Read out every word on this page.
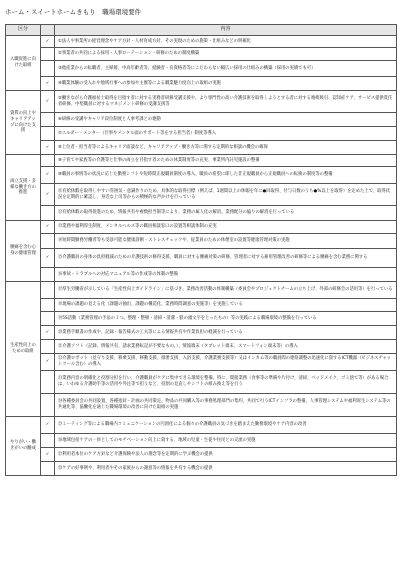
ホーム・スイートホームきもり　職場環境要件
区分		内容
入職促進に向けた取組	✓	①法人や事業所の経営理念やケア方針・人材育成方針、その実現のための施策・仕組みなどの明確化

		②事業者の共同による採用・人事ローテーション・研修のための制度構築

		③他産業からの転職者、主婦層、中高年齢者等、経験者・有資格者等にこだわらない幅広い採用の仕組みの構築（採用の実績でも可）

	✓	④職業体験の受入れや地域行事への参加や主催等による職業魅力度向上の取組の実施

資質の向上やキャリアアップに向けた支援	✓	⑤働きながら介護福祉士取得を目指す者に対する実務者研修受講支援や、より専門性の高い介護技術を取得しようとする者に対する喀痰吸引、認知症ケア、サービス提供責任者研修、中堅職員に対するマネジメント研修の受講支援等

		⑥研修の受講やキャリア段位制度と人事考課との連動

		⑦エルダー・メンター（仕事やメンタル面のサポート等をする担当者）制度等導入

	✓	⑧上位者・担当者等によるキャリア面談など、キャリアアップ・働き方等に関する定期的な相談の機会の確保

両立支援・多様な働き方の推進		⑨子育てや家族等の介護等と仕事の両立を目指す者のための休業制度等の充実、事業所内託児施設の整備

	✓	⑩職員の事情等の状況に応じた勤務シフトや短時間正規職員制度の導入、職員の希望に即した非正規職員から正規職員への転換の制度等の整備

	✓	⑪有給休暇を取得しやすい雰囲気・意識作りのため、具体的な取得目標（例えば、1週間以上の休暇を年に●回取得、付与日数のうち●%以上を取得）を定めた上で、取得状況を定期的に確認し、身近な上司等からの積極的な声かけを行っている

		⑫有給休暇の取得促進のため、情報共有や複数担当制等により、業務の属人化の解消、業務配分の偏りの解消を行っている

腰痛を含む心身の健康管理	✓	⑬業務や福利厚生制度、メンタルヘルス等の職員相談窓口の設置等相談体制の充実

		⑭短時間勤務労働者等も受診可能な健康診断・ストレスチェックや、従業員のための休憩室の設置等健康管理対策の実施

	✓	⑮介護職員の身体の負担軽減のための介護技術の修得支援、職員に対する腰痛対策の研修、管理者に対する雇用管理改善の研修等による腰痛を含む業務に関する

		⑯事故・トラブルへの対応マニュアル等の作成等の体制の整備

生産性向上のための取組		⑰厚生労働省が示している「生産性向上ガイドライン」に基づき、業務改善活動の体制構築（委員会やプロジェクトチームの立ち上げ、外部の研修会の活用等）を行っている

		⑱現場の課題の見える化（課題の抽出、課題の構造化、業務時間調査の実施等）を実施している

		⑲5S活動（業務管理の手法の１つ。整理・整頓・清掃・清潔・躾の頭文字をとったもの）等の実践による職場環境の整備を行っている

	✓	⑳業務手順書の作成や、記録・報告様式の工夫等による情報共有や作業負担の軽減を行っている

		㉑介護ソフト（記録、情報共有、請求業務転記が不要なもの。）、情報端末（タブレット端末、スマートフォン端末等）の導入

	✓	㉒介護ロボット（見守り支援、移乗支援、移動支援、排泄支援、入浴支援、介護業務支援等）又はインカム等の職員間の連絡調整の迅速化に資するICT機器（ビジネスチャットツール含む）の導入

		㉓業務内容の明確化と役割分担を行い、介護職員がケアに集中できる環境を整備。特に、間接業務（食事等の準備や片付け、清掃、ベッドメイク、ゴミ捨て等）がある場合は、いわゆる介護助手等の活用や外注等で担うなど、役割の見直しやシフトの組み換え等を行う

		㉔各種委員会の共同設置、各種指針・計画の共同策定、物品の共同購入等の事務処理部門の集約、共同で行うICTインフラの整備、人事管理システムや福利厚生システム等の共通化等、協働化を通じた職場環境の改善に向けた取組の実施

やりがい・働きがいの醸成	✓	㉕ミーティング等による職場内コミュニケーションの円滑化による個々の介護職員の気づきを踏まえた勤務環境やケア内容の改善

		㉖地域包括ケアの一員としてのモチベーション向上に資する、地域の児童・生徒や住民との交流の実施

	✓	㉗利用者本位のケア方針など介護保険や法人の理念等を定期的に学ぶ機会の提供

		㉘ケアの好事例や、利用者やその家族からの謝意等の情報を共有する機会の提供
